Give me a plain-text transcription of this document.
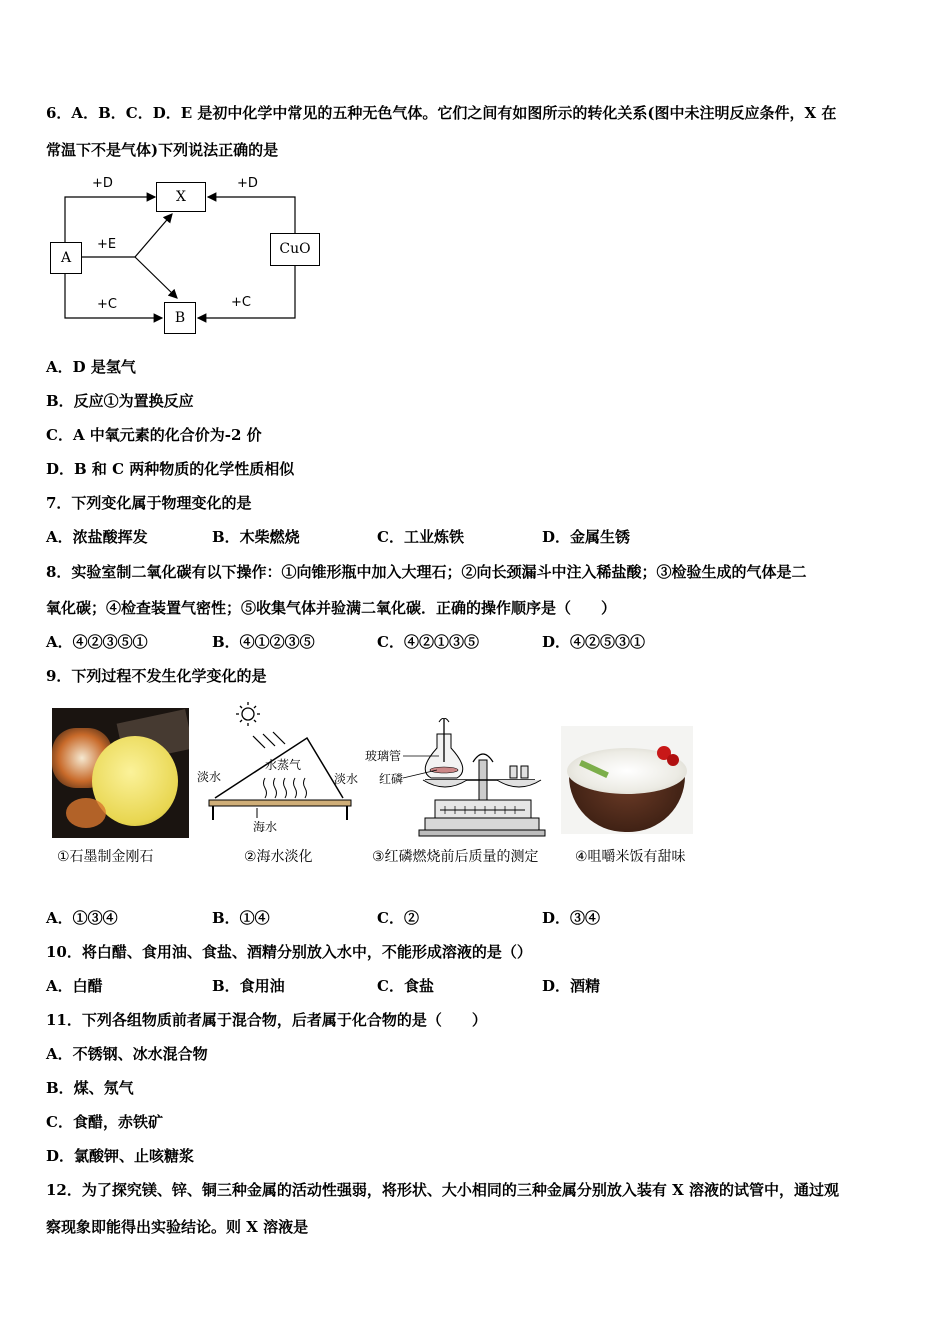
6．A．B．C．D．E 是初中化学中常见的五种无色气体。它们之间有如图所示的转化关系(图中未注明反应条件，X 在
常温下不是气体)下列说法正确的是
X
A
CuO
B
+D	+D
+E
+C	+C
A．D 是氢气
B．反应①为置换反应
C．A 中氧元素的化合价为-2 价
D．B 和 C 两种物质的化学性质相似
7．下列变化属于物理变化的是
A．浓盐酸挥发	B．木柴燃烧	C．工业炼铁	D．金属生锈
8．实验室制二氧化碳有以下操作：①向锥形瓶中加入大理石；②向长颈漏斗中注入稀盐酸；③检验生成的气体是二
氧化碳；④检查装置气密性；⑤收集气体并验满二氧化碳．正确的操作顺序是（　　）
A．④②③⑤①	B．④①②③⑤	C．④②①③⑤	D．④②⑤③①
9．下列过程不发生化学变化的是
淡水	淡水
水蒸气
海水
玻璃管
红磷
①石墨制金刚石	②海水淡化	③红磷燃烧前后质量的测定	④咀嚼米饭有甜味
A．①③④	B．①④	C．②	D．③④
10．将白醋、食用油、食盐、酒精分别放入水中，不能形成溶液的是（）
A．白醋	B．食用油	C．食盐	D．酒精
11．下列各组物质前者属于混合物，后者属于化合物的是（　　）
A．不锈钢、冰水混合物
B．煤、氖气
C．食醋，赤铁矿
D．氯酸钾、止咳糖浆
12．为了探究镁、锌、铜三种金属的活动性强弱，将形状、大小相同的三种金属分别放入装有 X 溶液的试管中，通过观
察现象即能得出实验结论。则 X 溶液是
